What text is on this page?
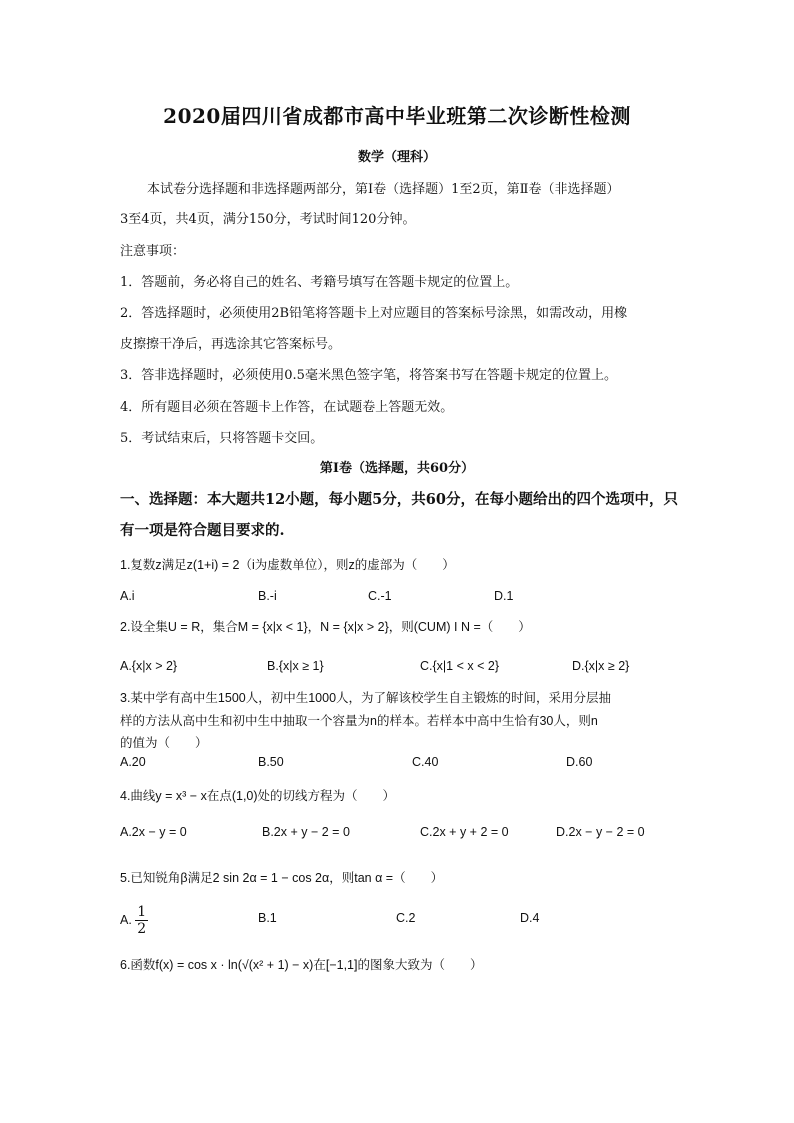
2020届四川省成都市高中毕业班第二次诊断性检测
数学（理科）
本试卷分选择题和非选择题两部分，第Ⅰ卷（选择题）1至2页，第Ⅱ卷（非选择题）
3至4页，共4页，满分150分，考试时间120分钟。
注意事项：
1．答题前，务必将自己的姓名、考籍号填写在答题卡规定的位置上。
2．答选择题时，必须使用2B铅笔将答题卡上对应题目的答案标号涂黑，如需改动，用橡
皮擦擦干净后，再选涂其它答案标号。
3．答非选择题时，必须使用0.5毫米黑色签字笔，将答案书写在答题卡规定的位置上。
4．所有题目必须在答题卡上作答，在试题卷上答题无效。
5．考试结束后，只将答题卡交回。
第Ⅰ卷（选择题，共60分）
一、选择题：本大题共12小题，每小题5分，共60分，在每小题给出的四个选项中，只
有一项是符合题目要求的.
1.复数z满足z(1+i) = 2（i为虚数单位），则z的虚部为（　　）
A.i	B.-i	C.-1	D.1
2.设全集U = R，集合M = {x|x < 1}，N = {x|x > 2}，则(CUM) I N =（　　）
A.{x|x > 2}	B.{x|x ≥ 1}	C.{x|1 < x < 2}	D.{x|x ≥ 2}
3.某中学有高中生1500人，初中生1000人，为了解该校学生自主锻炼的时间，采用分层抽
样的方法从高中生和初中生中抽取一个容量为n的样本。若样本中高中生恰有30人，则n
的值为（　　）
A.20	B.50	C.40	D.60
4.曲线y = x³ − x在点(1,0)处的切线方程为（　　）
A.2x − y = 0	B.2x + y − 2 = 0	C.2x + y + 2 = 0	D.2x − y − 2 = 0
5.已知锐角β满足2 sin 2α = 1 − cos 2α，则tan α =（　　）
A. $\frac{1}{2}$	B.1	C.2	D.4
6.函数f(x) = cos x · ln(√(x² + 1) − x)在[−1,1]的图象大致为（　　）
